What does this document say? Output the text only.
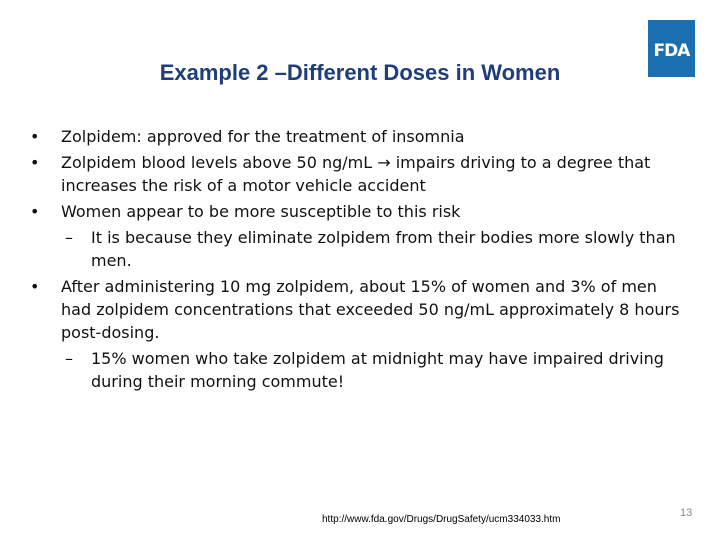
FDA
Example 2 –Different Doses in Women
• Zolpidem: approved for the treatment of insomnia
• Zolpidem blood levels above 50 ng/mL → impairs driving to a degree that increases the risk of a motor vehicle accident
• Women appear to be more susceptible to this risk
– It is because they eliminate zolpidem from their bodies more slowly than men.
• After administering 10 mg zolpidem, about 15% of women and 3% of men had zolpidem concentrations that exceeded 50 ng/mL approximately 8 hours post-dosing.
– 15% women who take zolpidem at midnight may have impaired driving during their morning commute!
http://www.fda.gov/Drugs/DrugSafety/ucm334033.htm
13
